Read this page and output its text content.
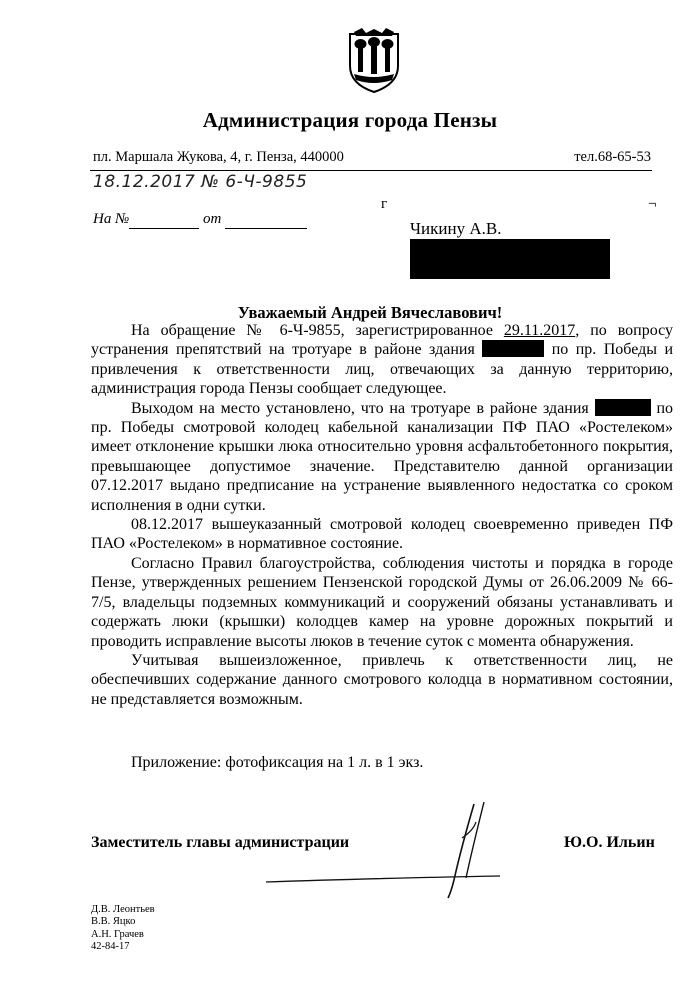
Администрация города Пензы
пл. Маршала Жукова, 4, г. Пенза, 440000	тел.68-65-53
18.12.2017 № 6-Ч-9855
На №	от
г	¬
Чикину А.В.
Уважаемый Андрей Вячеславович!

На обращение № 6-Ч-9855, зарегистрированное 29.11.2017, по вопросу устранения препятствий на тротуаре в районе здания	по пр. Победы и привлечения к ответственности лиц, отвечающих за данную территорию, администрация города Пензы сообщает следующее.

Выходом на место установлено, что на тротуаре в районе здания	по пр. Победы смотровой колодец кабельной канализации ПФ ПАО «Ростелеком» имеет отклонение крышки люка относительно уровня асфальтобетонного покрытия, превышающее допустимое значение. Представителю данной организации 07.12.2017 выдано предписание на устранение выявленного недостатка со сроком исполнения в одни сутки.

08.12.2017 вышеуказанный смотровой колодец своевременно приведен ПФ ПАО «Ростелеком» в нормативное состояние.

Согласно Правил благоустройства, соблюдения чистоты и порядка в городе Пензе, утвержденных решением Пензенской городской Думы от 26.06.2009 № 66-7/5, владельцы подземных коммуникаций и сооружений обязаны устанавливать и содержать люки (крышки) колодцев камер на уровне дорожных покрытий и проводить исправление высоты люков в течение суток с момента обнаружения.

Учитывая вышеизложенное, привлечь к ответственности лиц, не обеспечивших содержание данного смотрового колодца в нормативном состоянии, не представляется возможным.

Приложение: фотофиксация на 1 л. в 1 экз.
Заместитель главы администрации	Ю.О. Ильин
Д.В. Леонтьев
В.В. Яцко
А.Н. Грачев
42-84-17
